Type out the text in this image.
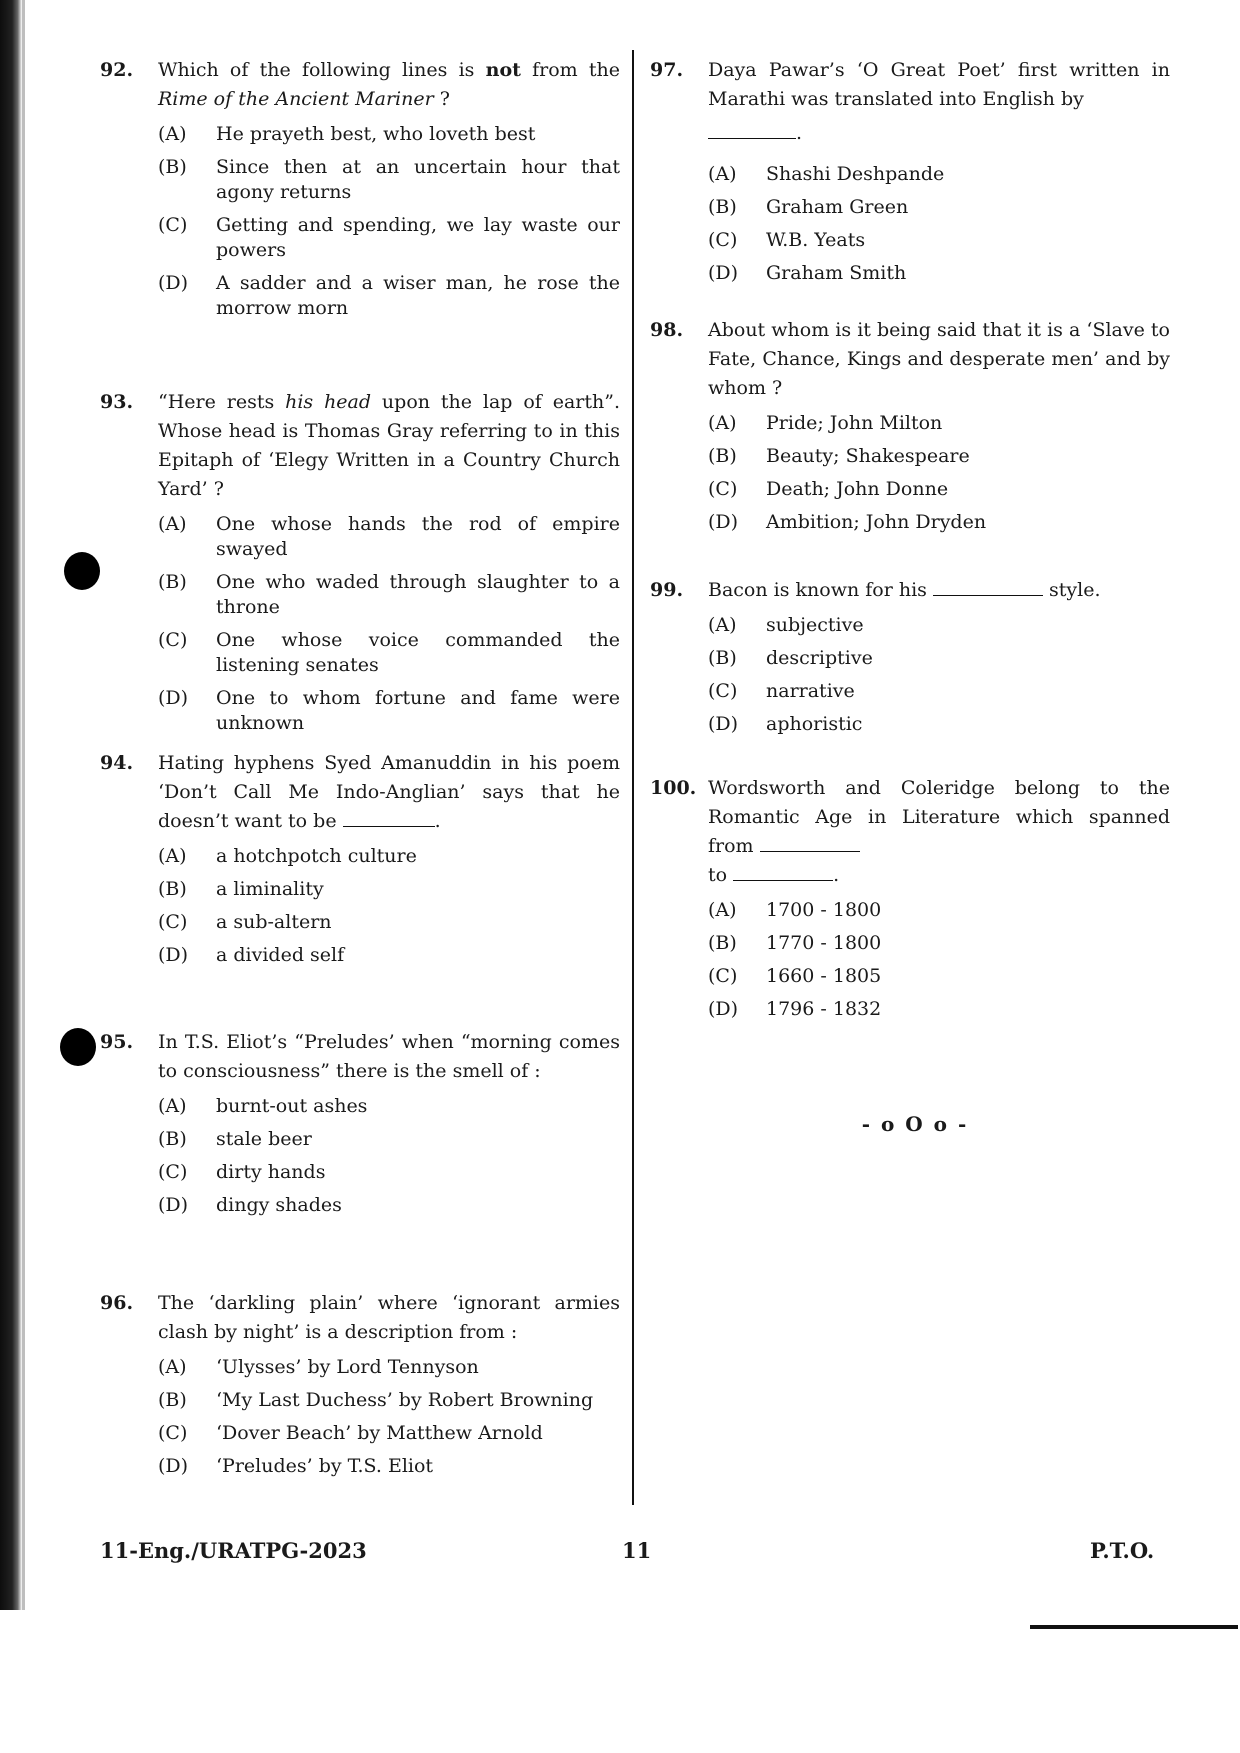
92.	Which of the following lines is not from the Rime of the Ancient Mariner ?
(A)	He prayeth best, who loveth best
(B)	Since then at an uncertain hour that agony returns
(C)	Getting and spending, we lay waste our powers
(D)	A sadder and a wiser man, he rose the morrow morn
93.	“Here rests his head upon the lap of earth”. Whose head is Thomas Gray referring to in this Epitaph of ‘Elegy Written in a Country Church Yard’ ?
(A)	One whose hands the rod of empire swayed
(B)	One who waded through slaughter to a throne
(C)	One whose voice commanded the listening senates
(D)	One to whom fortune and fame were unknown
94.	Hating hyphens Syed Amanuddin in his poem ‘Don’t Call Me Indo-Anglian’ says that he doesn’t want to be	.
(A)	a hotchpotch culture
(B)	a liminality
(C)	a sub-altern
(D)	a divided self
95.	In T.S. Eliot’s “Preludes’ when “morning comes to consciousness” there is the smell of :
(A)	burnt-out ashes
(B)	stale beer
(C)	dirty hands
(D)	dingy shades
96.	The ‘darkling plain’ where ‘ignorant armies clash by night’ is a description from :
(A)	‘Ulysses’ by Lord Tennyson
(B)	‘My Last Duchess’ by Robert Browning
(C)	‘Dover Beach’ by Matthew Arnold
(D)	‘Preludes’ by T.S. Eliot
97.	Daya Pawar’s ‘O Great Poet’ first written in Marathi was translated into English by
.
(A)	Shashi Deshpande
(B)	Graham Green
(C)	W.B. Yeats
(D)	Graham Smith
98.	About whom is it being said that it is a ‘Slave to Fate, Chance, Kings and desperate men’ and by whom ?
(A)	Pride; John Milton
(B)	Beauty; Shakespeare
(C)	Death; John Donne
(D)	Ambition; John Dryden
99.	Bacon is known for his	style.
(A)	subjective
(B)	descriptive
(C)	narrative
(D)	aphoristic
100. Wordsworth and Coleridge belong to the Romantic Age in Literature which spanned from
to	.
(A)	1700 - 1800
(B)	1770 - 1800
(C)	1660 - 1805
(D)	1796 - 1832
- o O o -
11-Eng./URATPG-2023	11	P.T.O.
